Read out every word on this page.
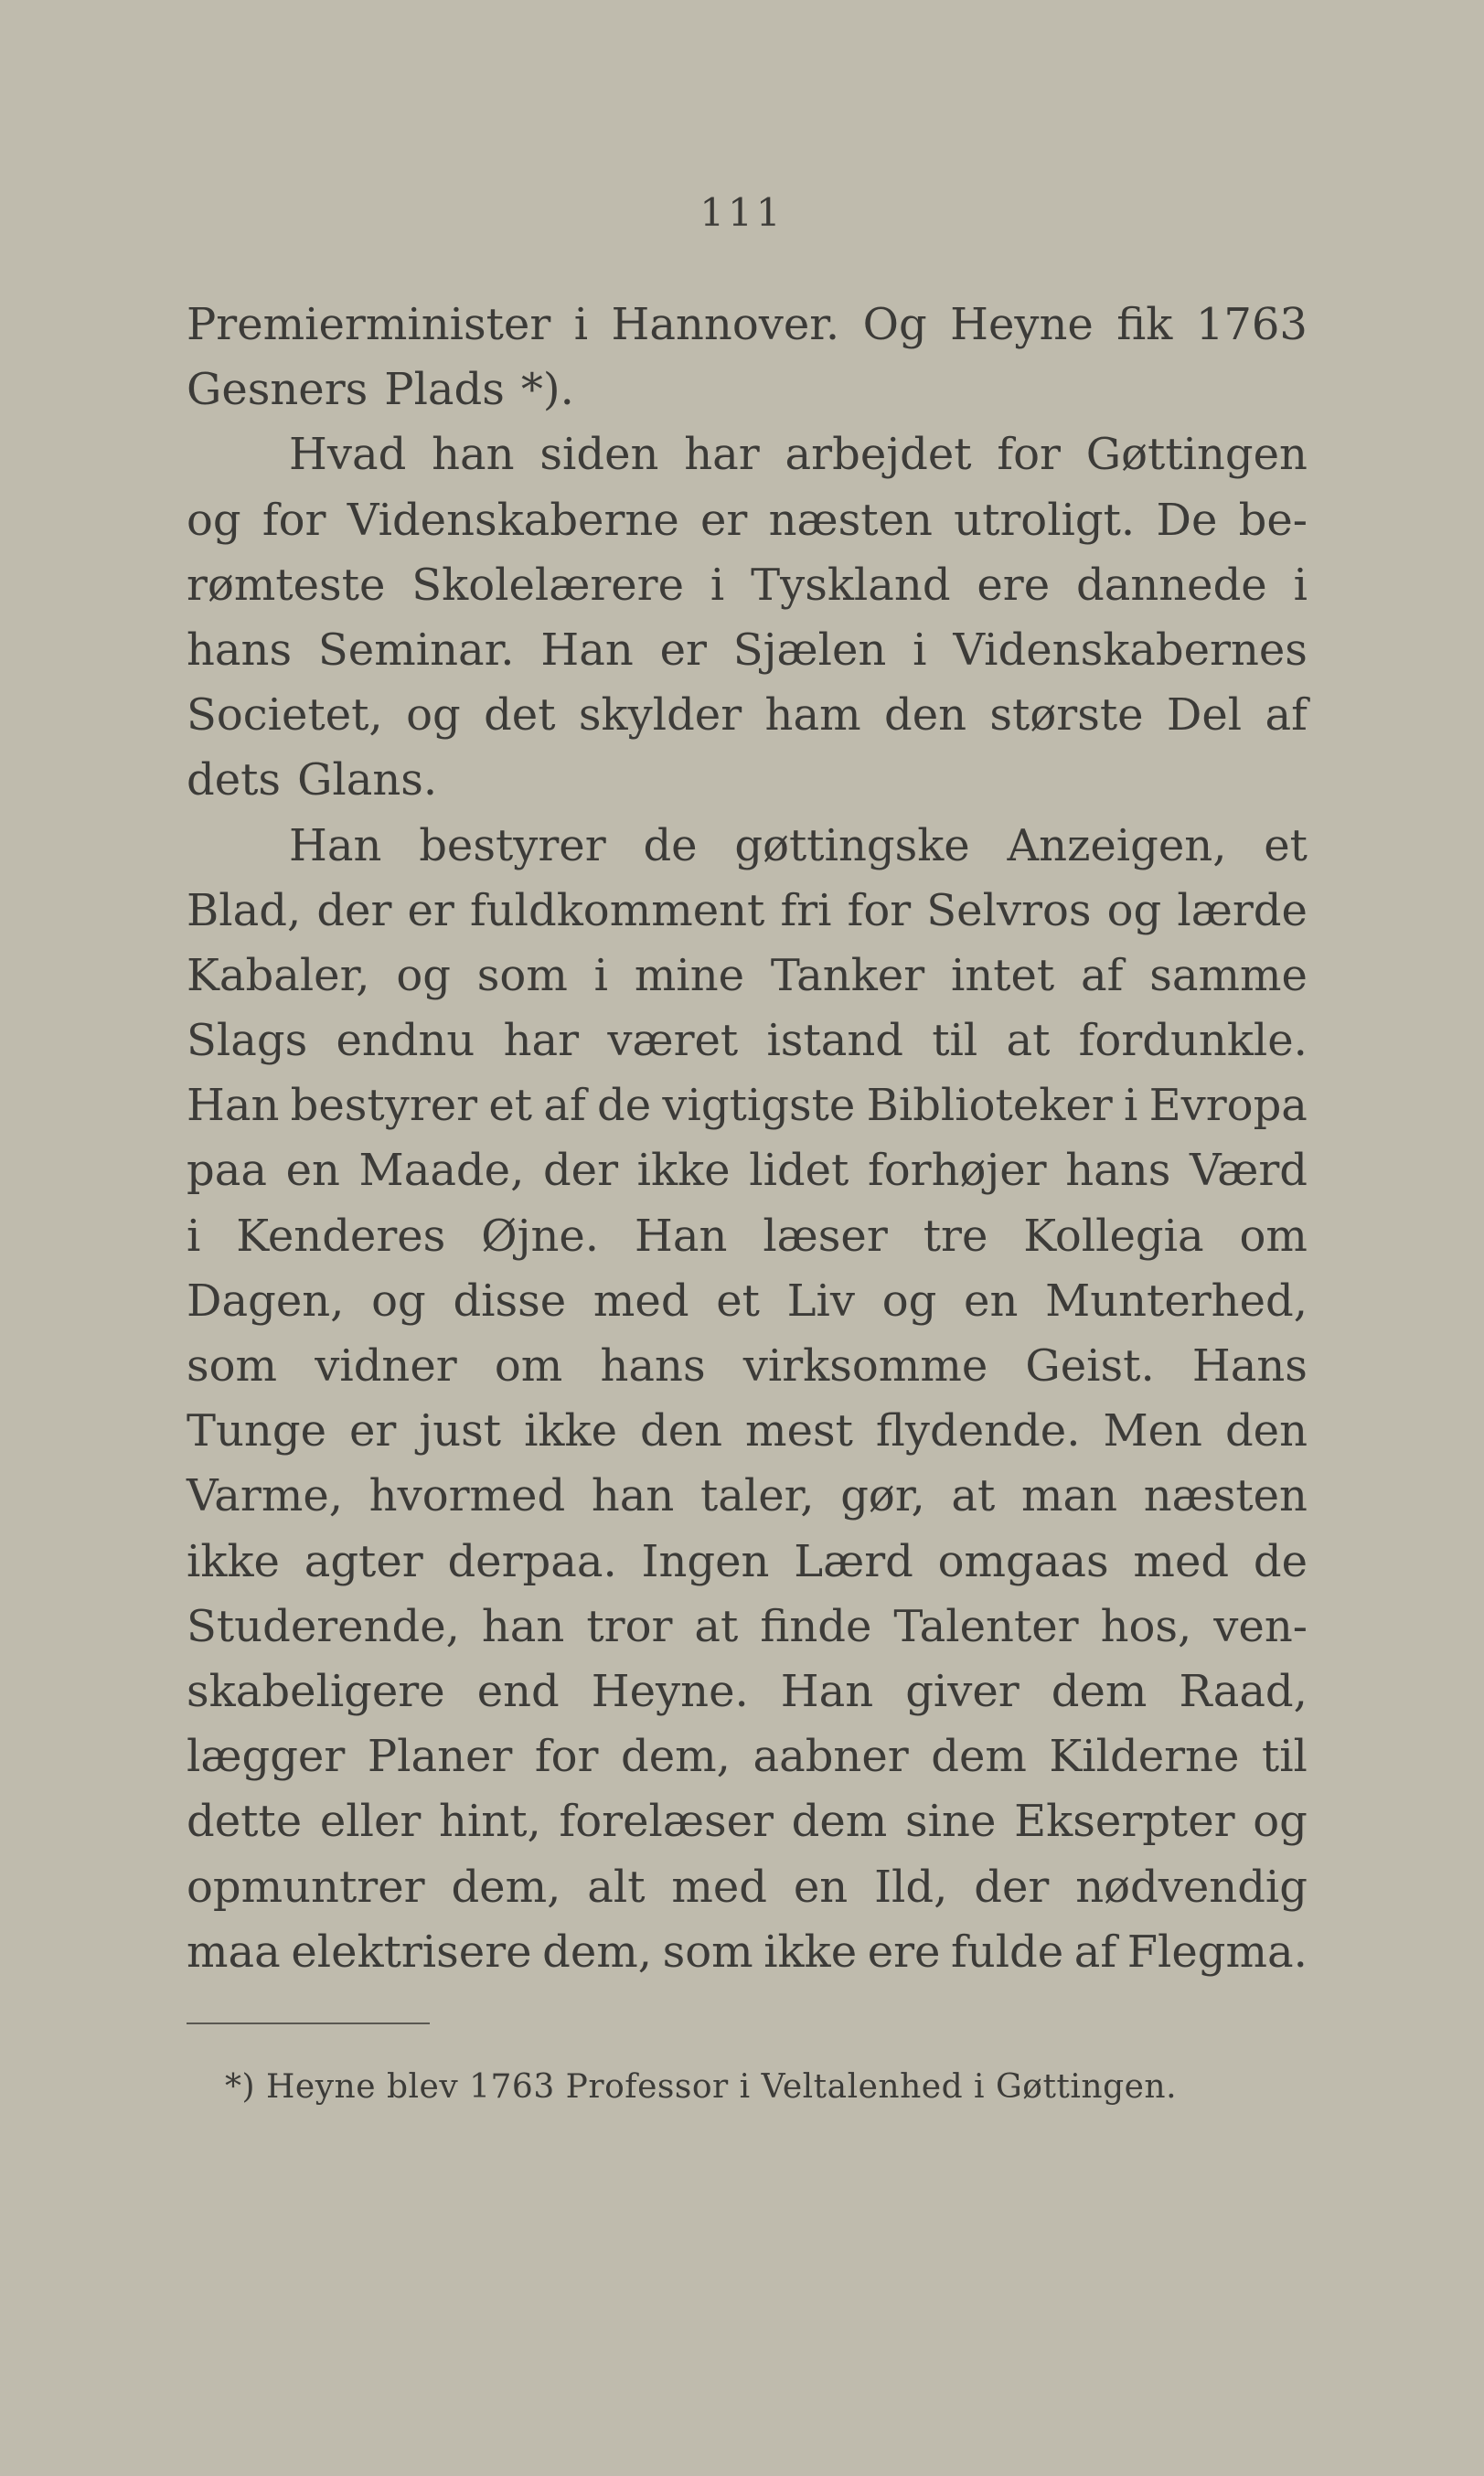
111
Premierminister i Hannover. Og Heyne fik 1763
Gesners Plads *).
Hvad han siden har arbejdet for Gøttingen
og for Videnskaberne er næsten utroligt. De be-
rømteste Skolelærere i Tyskland ere dannede i
hans Seminar. Han er Sjælen i Videnskabernes
Societet, og det skylder ham den største Del af
dets Glans.
Han bestyrer de gøttingske Anzeigen, et
Blad, der er fuldkomment fri for Selvros og lærde
Kabaler, og som i mine Tanker intet af samme
Slags endnu har været istand til at fordunkle.
Han bestyrer et af de vigtigste Biblioteker i Evropa
paa en Maade, der ikke lidet forhøjer hans Værd
i Kenderes Øjne. Han læser tre Kollegia om
Dagen, og disse med et Liv og en Munterhed,
som vidner om hans virksomme Geist. Hans
Tunge er just ikke den mest flydende. Men den
Varme, hvormed han taler, gør, at man næsten
ikke agter derpaa. Ingen Lærd omgaas med de
Studerende, han tror at finde Talenter hos, ven-
skabeligere end Heyne. Han giver dem Raad,
lægger Planer for dem, aabner dem Kilderne til
dette eller hint, forelæser dem sine Ekserpter og
opmuntrer dem, alt med en Ild, der nødvendig
maa elektrisere dem, som ikke ere fulde af Flegma.
*) Heyne blev 1763 Professor i Veltalenhed i Gøttingen.
